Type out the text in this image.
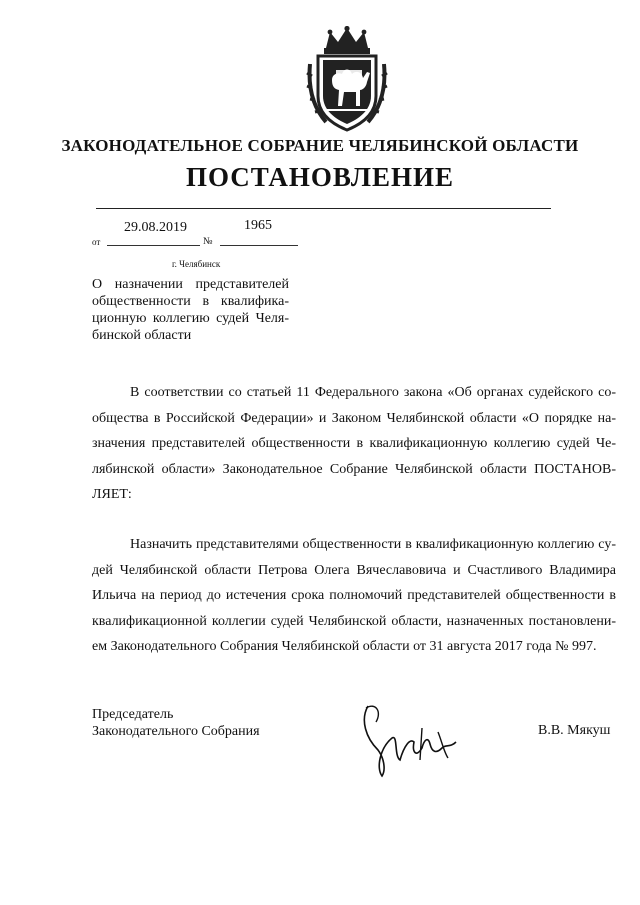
ЗАКОНОДАТЕЛЬНОЕ СОБРАНИЕ ЧЕЛЯБИНСКОЙ ОБЛАСТИ
ПОСТАНОВЛЕНИЕ
29.08.2019	1965
от	№
г. Челябинск
О назначении представителей общественности в квалифика-ционную коллегию судей Челя-бинской области
В соответствии со статьей 11 Федерального закона «Об органах судейского со-общества в Российской Федерации» и Законом Челябинской области «О порядке на-значения представителей общественности в квалификационную коллегию судей Че-лябинской области» Законодательное Собрание Челябинской области ПОСТАНОВ-ЛЯЕТ:
Назначить представителями общественности в квалификационную коллегию су-дей Челябинской области Петрова Олега Вячеславовича и Счастливого Владимира Ильича на период до истечения срока полномочий представителей общественности в квалификационной коллегии судей Челябинской области, назначенных постановлени-ем Законодательного Собрания Челябинской области от 31 августа 2017 года № 997.
Председатель
Законодательного Собрания	В.В. Мякуш
